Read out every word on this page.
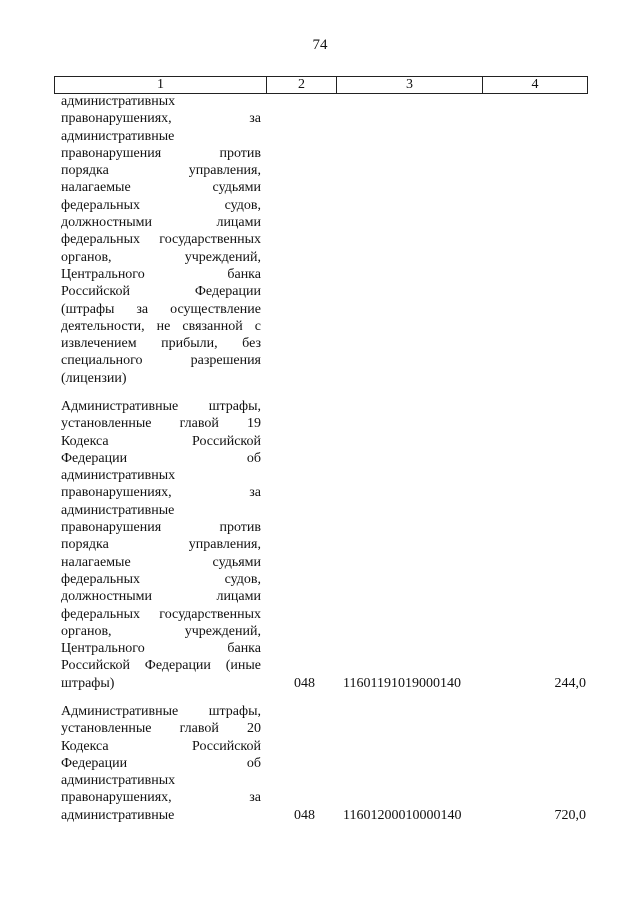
74
1	2	3	4
административных
правонарушениях, за
административные
правонарушения против
порядка управления,
налагаемые судьями
федеральных судов,
должностными лицами
федеральных государственных
органов, учреждений,
Центрального банка
Российской Федерации
(штрафы за осуществление
деятельности, не связанной с
извлечением прибыли, без
специального разрешения
(лицензии)
Административные штрафы,
установленные главой 19
Кодекса Российской
Федерации об
административных
правонарушениях, за
административные
правонарушения против
порядка управления,
налагаемые судьями
федеральных судов,
должностными лицами
федеральных государственных
органов, учреждений,
Центрального банка
Российской Федерации (иные
штрафы)	048	11601191019000140	244,0
Административные штрафы,
установленные главой 20
Кодекса Российской
Федерации об
административных
правонарушениях, за
административные	048	11601200010000140	720,0
